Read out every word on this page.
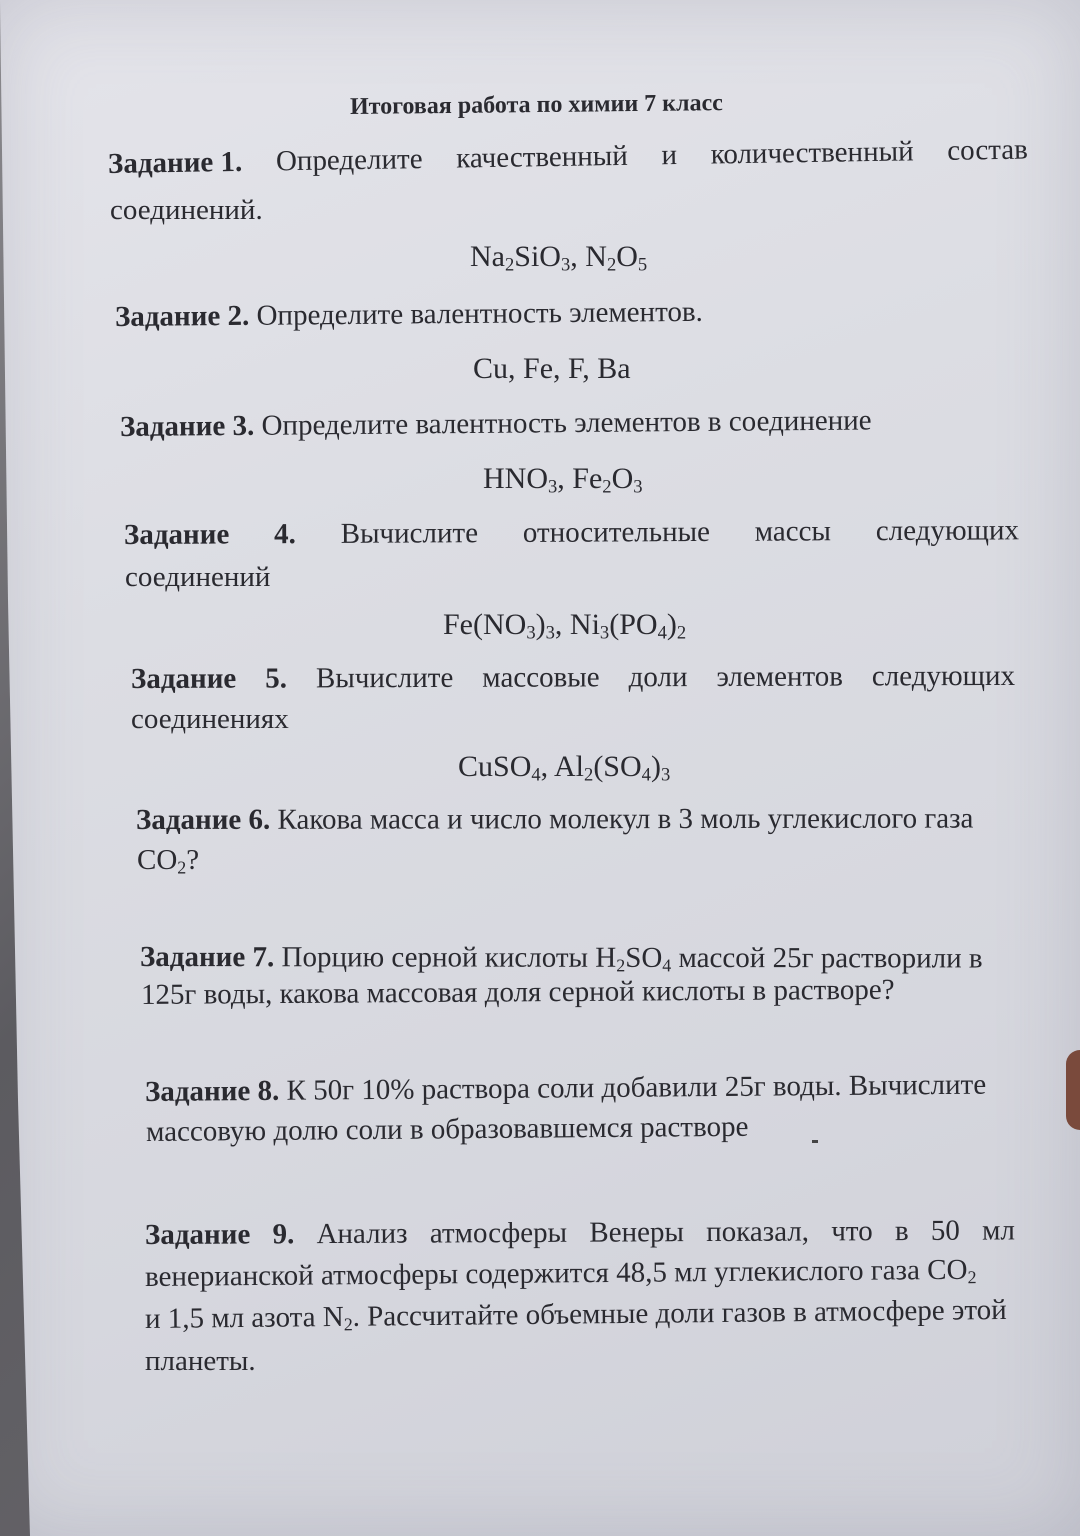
Итоговая работа по химии 7 класс
Задание 1. Определите качественный и количественный состав
соединений.
$Na_2SiO_3$, $N_2O_5$
Задание 2. Определите валентность элементов.
Cu, Fe, F, Ba
Задание 3. Определите валентность элементов в соединение
$HNO_3$, $Fe_2O_3$
Задание 4. Вычислите относительные массы следующих
соединений
$Fe(NO_3)_3$, $Ni_3(PO_4)_2$
Задание 5. Вычислите массовые доли элементов следующих
соединениях
CuSO$_4$, $Al_2(SO_4)_3$
Задание 6. Какова масса и число молекул в 3 моль углекислого газа
$CO_2$?
Задание 7. Порцию серной кислоты $H_2SO_4$ массой 25г растворили в
125г воды, какова массовая доля серной кислоты в растворе?
Задание 8. К 50г 10% раствора соли добавили 25г воды. Вычислите
массовую долю соли в образовавшемся растворе
Задание 9. Анализ атмосферы Венеры показал, что в 50 мл
венерианской атмосферы содержится 48,5 мл углекислого газа $CO_2$
и 1,5 мл азота $N_2$. Рассчитайте объемные доли газов в атмосфере этой
планеты.
